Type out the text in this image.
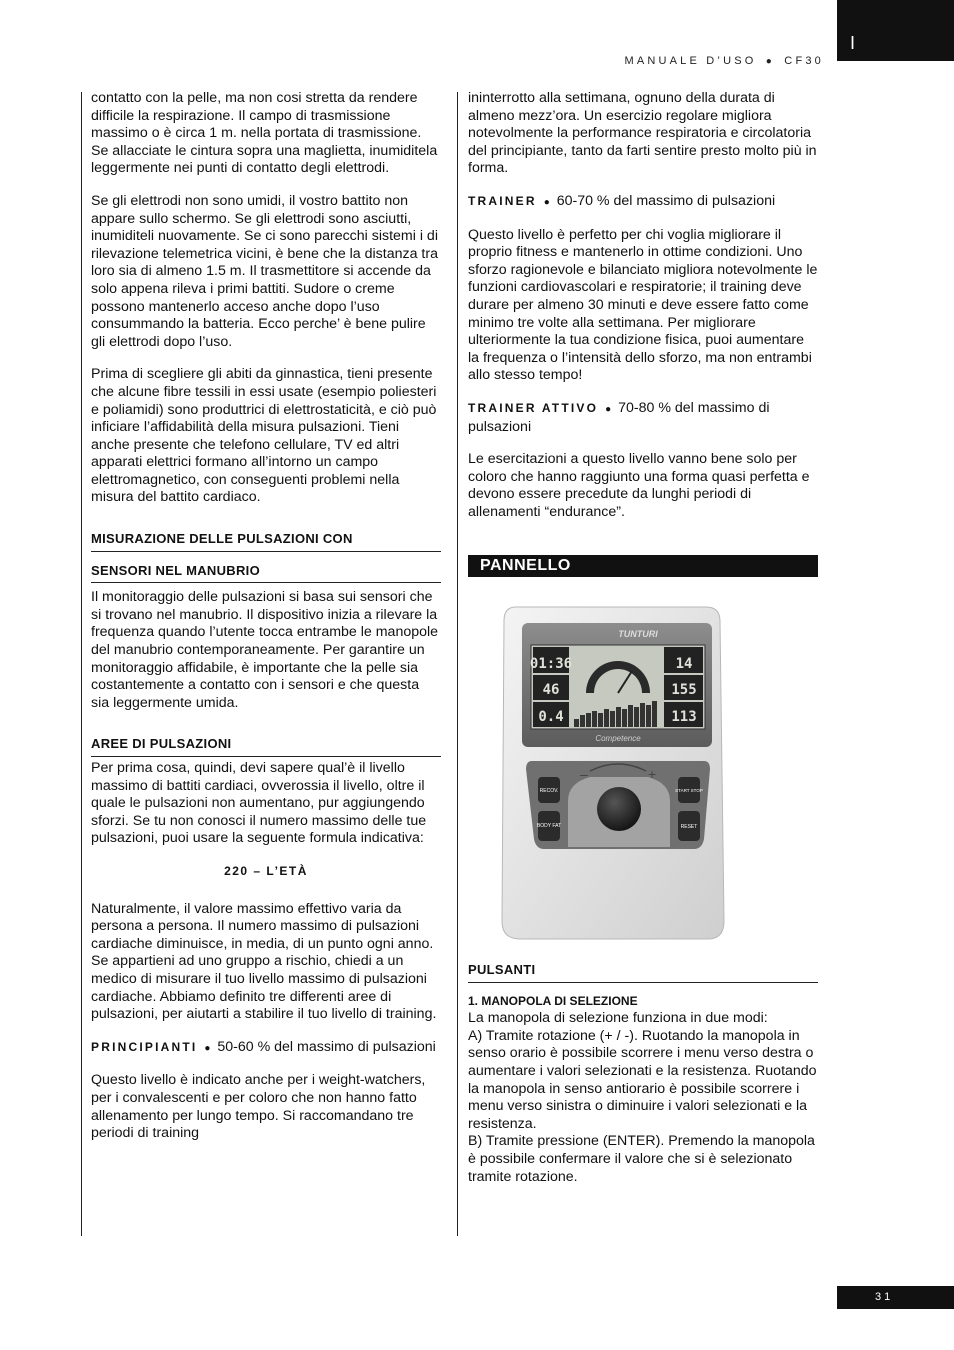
I
MANUALE D’USO ● CF30

contatto con la pelle, ma non cosi stretta da rendere difficile la respirazione. Il campo di trasmissione massimo o è circa 1 m. nella portata di trasmissione. Se allacciate le cintura sopra una maglietta, inumiditela leggermente nei punti di contatto degli elettrodi.

Se gli elettrodi non sono umidi, il vostro battito non appare sullo schermo. Se gli elettrodi sono asciutti, inumiditeli nuovamente. Se ci sono parecchi sistemi i di rilevazione telemetrica vicini, è bene che la distanza tra loro sia di almeno 1.5 m. Il trasmettitore si accende da solo appena rileva i primi battiti. Sudore o creme possono mantenerlo acceso anche dopo l’uso consummando la batteria. Ecco perche’ è bene pulire gli elettrodi dopo l’uso.

Prima di scegliere gli abiti da ginnastica, tieni presente che alcune fibre tessili in essi usate (esempio poliesteri e poliamidi) sono produttrici di elettrostaticità, e ciò può inficiare l’affidabilità della misura pulsazioni. Tieni anche presente che telefono cellulare, TV ed altri apparati elettrici formano all’intorno un campo elettromagnetico, con conseguenti problemi nella misura del battito cardiaco.

MISURAZIONE DELLE PULSAZIONI CON
SENSORI NEL MANUBRIO

Il monitoraggio delle pulsazioni si basa sui sensori che si trovano nel manubrio. Il dispositivo inizia a rilevare la frequenza quando l’utente tocca entrambe le manopole del manubrio contemporaneamente. Per garantire un monitoraggio affidabile, è importante che la pelle sia costantemente a contatto con i sensori e che questa sia leggermente umida.

AREE DI PULSAZIONI

Per prima cosa, quindi, devi sapere qual’è il livello massimo di battiti cardiaci, ovverossia il livello, oltre il quale le pulsazioni non aumentano, pur aggiungendo sforzi. Se tu non conosci il numero massimo delle tue pulsazioni, puoi usare la seguente formula indicativa:

220 – L’ETÀ

Naturalmente, il valore massimo effettivo varia da persona a persona. Il numero massimo di pulsazioni cardiache diminuisce, in media, di un punto ogni anno. Se appartieni ad uno gruppo a rischio, chiedi a un medico di misurare il tuo livello massimo di pulsazioni cardiache. Abbiamo definito tre differenti aree di pulsazioni, per aiutarti a stabilire il tuo livello di training.

PRINCIPIANTI ● 50-60 % del massimo di pulsazioni

Questo livello è indicato anche per i weight-watchers, per i convalescenti e per coloro che non hanno fatto allenamento per lungo tempo. Si raccomandano tre periodi di training

ininterrotto alla settimana, ognuno della durata di almeno mezz’ora. Un esercizio regolare migliora notevolmente la performance respiratoria e circolatoria del principiante, tanto da farti sentire presto molto più in forma.

TRAINER ● 60-70 % del massimo di pulsazioni

Questo livello è perfetto per chi voglia migliorare il proprio fitness e mantenerlo in ottime condizioni. Uno sforzo ragionevole e bilanciato migliora notevolmente le funzioni cardiovascolari e respiratorie; il training deve durare per almeno 30 minuti e deve essere fatto come minimo tre volte alla settimana. Per migliorare ulteriormente la tua condizione fisica, puoi aumentare la frequenza o l’intensità dello sforzo, ma non entrambi allo stesso tempo!

TRAINER ATTIVO ● 70-80 % del massimo di pulsazioni

Le esercitazioni a questo livello vanno bene solo per coloro che hanno raggiunto una forma quasi perfetta e devono essere precedute da lunghi periodi di allenamenti “endurance”.

PANNELLO
TUNTURI
01:36
46
0.4
14
155
113
Competence
–	+
RECOV.
BODY FAT
START STOP
RESET
PULSANTI
1. MANOPOLA DI SELEZIONE
La manopola di selezione funziona in due modi:
A) Tramite rotazione (+ / -). Ruotando la manopola in senso orario è possibile scorrere i menu verso destra o aumentare i valori selezionati e la resistenza. Ruotando la manopola in senso antiorario è possibile scorrere i menu verso sinistra o diminuire i valori selezionati e la resistenza.
B) Tramite pressione (ENTER). Premendo la manopola è possibile confermare il valore che si è selezionato tramite rotazione.
31
